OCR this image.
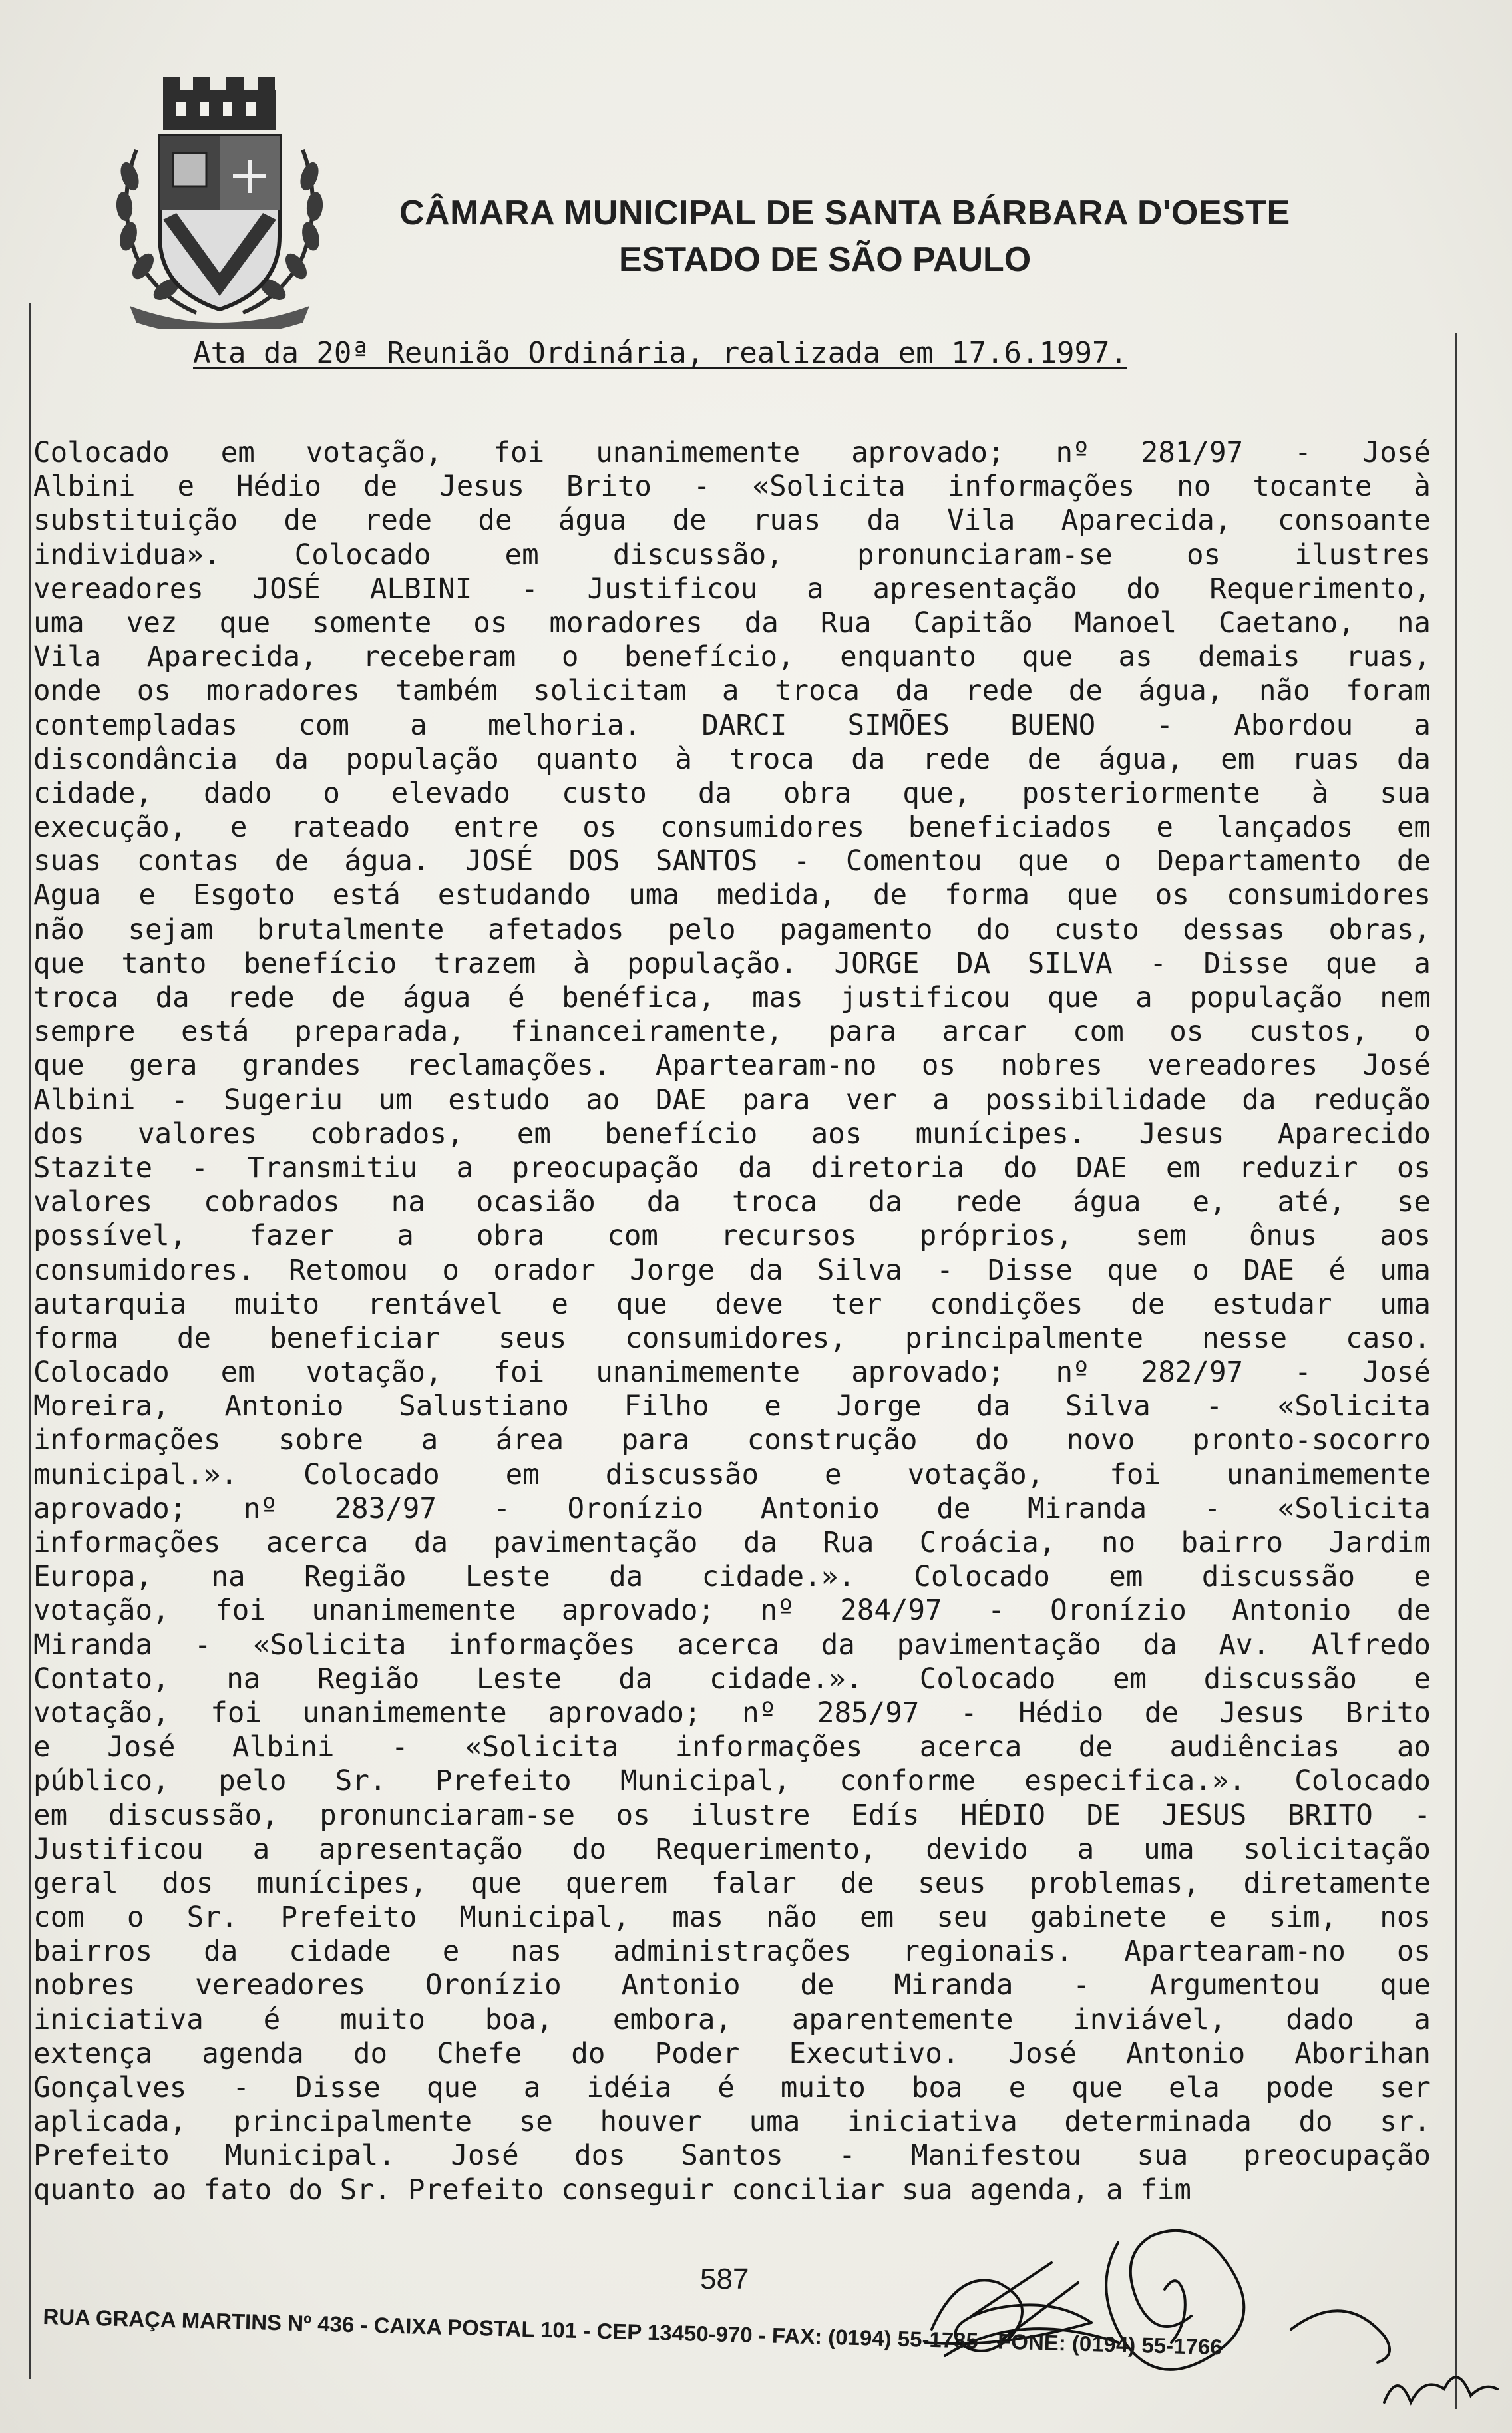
CÂMARA MUNICIPAL DE SANTA BÁRBARA D'OESTE
ESTADO DE SÃO PAULO
Ata da 20ª Reunião Ordinária, realizada em 17.6.1997.
Colocado em votação, foi unanimemente aprovado; nº 281/97 - José
Albini e Hédio de Jesus Brito - «Solicita informações no tocante à
substituição de rede de água de ruas da Vila Aparecida, consoante
individua». Colocado em discussão, pronunciaram-se os ilustres
vereadores JOSÉ ALBINI - Justificou a apresentação do Requerimento,
uma vez que somente os moradores da Rua Capitão Manoel Caetano, na
Vila Aparecida, receberam o benefício, enquanto que as demais ruas,
onde os moradores também solicitam a troca da rede de água, não foram
contempladas com a melhoria. DARCI SIMÕES BUENO - Abordou a
discondância da população quanto à troca da rede de água, em ruas da
cidade, dado o elevado custo da obra que, posteriormente à sua
execução, e rateado entre os consumidores beneficiados e lançados em
suas contas de água. JOSÉ DOS SANTOS - Comentou que o Departamento de
Agua e Esgoto está estudando uma medida, de forma que os consumidores
não sejam brutalmente afetados pelo pagamento do custo dessas obras,
que tanto benefício trazem à população. JORGE DA SILVA - Disse que a
troca da rede de água é benéfica, mas justificou que a população nem
sempre está preparada, financeiramente, para arcar com os custos, o
que gera grandes reclamações. Apartearam-no os nobres vereadores José
Albini - Sugeriu um estudo ao DAE para ver a possibilidade da redução
dos valores cobrados, em benefício aos munícipes. Jesus Aparecido
Stazite - Transmitiu a preocupação da diretoria do DAE em reduzir os
valores cobrados na ocasião da troca da rede água e, até, se
possível, fazer a obra com recursos próprios, sem ônus aos
consumidores. Retomou o orador Jorge da Silva - Disse que o DAE é uma
autarquia muito rentável e que deve ter condições de estudar uma
forma de beneficiar seus consumidores, principalmente nesse caso.
Colocado em votação, foi unanimemente aprovado; nº 282/97 - José
Moreira, Antonio Salustiano Filho e Jorge da Silva - «Solicita
informações sobre a área para construção do novo pronto-socorro
municipal.». Colocado em discussão e votação, foi unanimemente
aprovado; nº 283/97 - Oronízio Antonio de Miranda - «Solicita
informações acerca da pavimentação da Rua Croácia, no bairro Jardim
Europa, na Região Leste da cidade.». Colocado em discussão e
votação, foi unanimemente aprovado; nº 284/97 - Oronízio Antonio de
Miranda - «Solicita informações acerca da pavimentação da Av. Alfredo
Contato, na Região Leste da cidade.». Colocado em discussão e
votação, foi unanimemente aprovado; nº 285/97 - Hédio de Jesus Brito
e José Albini - «Solicita informações acerca de audiências ao
público, pelo Sr. Prefeito Municipal, conforme especifica.». Colocado
em discussão, pronunciaram-se os ilustre Edís HÉDIO DE JESUS BRITO -
Justificou a apresentação do Requerimento, devido a uma solicitação
geral dos munícipes, que querem falar de seus problemas, diretamente
com o Sr. Prefeito Municipal, mas não em seu gabinete e sim, nos
bairros da cidade e nas administrações regionais. Apartearam-no os
nobres vereadores Oronízio Antonio de Miranda - Argumentou que
iniciativa é muito boa, embora, aparentemente inviável, dado a
extença agenda do Chefe do Poder Executivo. José Antonio Aborihan
Gonçalves - Disse que a idéia é muito boa e que ela pode ser
aplicada, principalmente se houver uma iniciativa determinada do sr.
Prefeito Municipal. José dos Santos - Manifestou sua preocupação
quanto ao fato do Sr. Prefeito conseguir conciliar sua agenda, a fim
587
RUA GRAÇA MARTINS Nº 436 - CAIXA POSTAL 101 - CEP 13450-970 - FAX: (0194) 55-1735 - FONE: (0194) 55-1766
